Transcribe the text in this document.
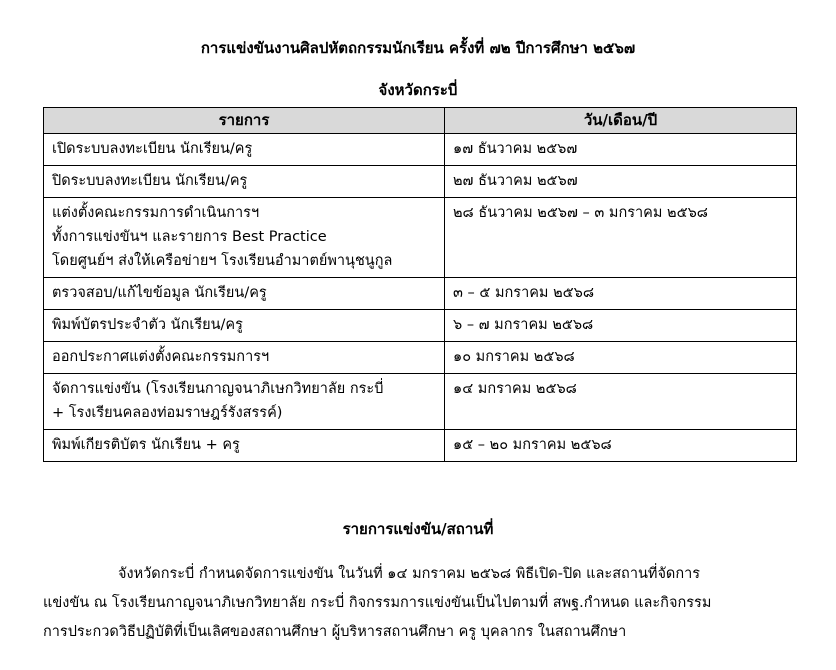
การแข่งขันงานศิลปหัตถกรรมนักเรียน ครั้งที่ ๗๒ ปีการศึกษา ๒๕๖๗
จังหวัดกระบี่
รายการ	วัน/เดือน/ปี

เปิดระบบลงทะเบียน นักเรียน/ครู	๑๗ ธันวาคม ๒๕๖๗

ปิดระบบลงทะเบียน นักเรียน/ครู	๒๗ ธันวาคม ๒๕๖๗

แต่งตั้งคณะกรรมการดำเนินการฯ
ทั้งการแข่งขันฯ และรายการ Best Practice
โดยศูนย์ฯ ส่งให้เครือข่ายฯ โรงเรียนอำมาตย์พานุชนูกูล	๒๘ ธันวาคม ๒๕๖๗ – ๓ มกราคม ๒๕๖๘

ตรวจสอบ/แก้ไขข้อมูล นักเรียน/ครู	๓ – ๕ มกราคม ๒๕๖๘

พิมพ์บัตรประจำตัว นักเรียน/ครู	๖ – ๗ มกราคม ๒๕๖๘

ออกประกาศแต่งตั้งคณะกรรมการฯ	๑๐ มกราคม ๒๕๖๘

จัดการแข่งขัน (โรงเรียนกาญจนาภิเษกวิทยาลัย กระบี่
+ โรงเรียนคลองท่อมราษฎร์รังสรรค์)	๑๔ มกราคม ๒๕๖๘

พิมพ์เกียรติบัตร นักเรียน + ครู	๑๕ – ๒๐ มกราคม ๒๕๖๘
รายการแข่งขัน/สถานที่
จังหวัดกระบี่ กำหนดจัดการแข่งขัน ในวันที่ ๑๔ มกราคม ๒๕๖๘ พิธีเปิด-ปิด และสถานที่จัดการ
แข่งขัน ณ โรงเรียนกาญจนาภิเษกวิทยาลัย กระบี่ กิจกรรมการแข่งขันเป็นไปตามที่ สพฐ.กำหนด และกิจกรรม
การประกวดวิธีปฏิบัติที่เป็นเลิศของสถานศึกษา ผู้บริหารสถานศึกษา ครู บุคลากร ในสถานศึกษา
